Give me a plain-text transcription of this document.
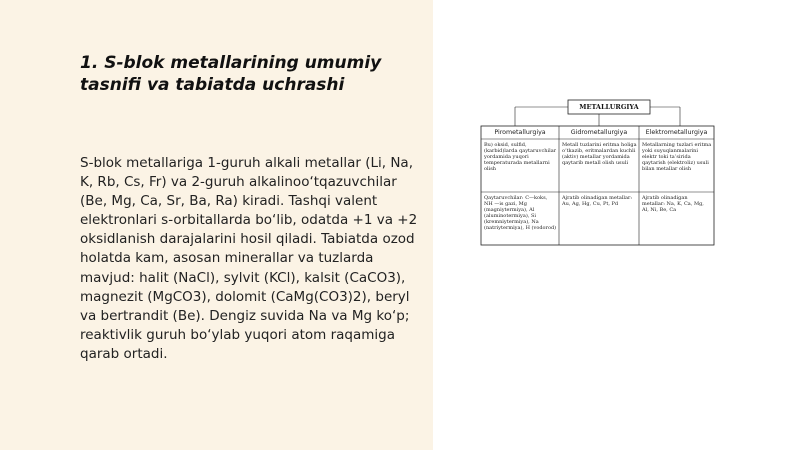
1. S-blok metallarining umumiy tasnifi va tabiatda uchrashi

S-blok metallariga 1-guruh alkali metallar (Li, Na, K, Rb, Cs, Fr) va 2-guruh alkalinoo‘tqazuvchilar (Be, Mg, Ca, Sr, Ba, Ra) kiradi. Tashqi valent elektronlari s-orbitallarda bo‘lib, odatda +1 va +2 oksidlanish darajalarini hosil qiladi. Tabiatda ozod holatda kam, asosan minerallar va tuzlarda mavjud: halit (NaCl), sylvit (KCl), kalsit (CaCO3), magnezit (MgCO3), dolomit (CaMg(CO3)2), beryl va bertrandit (Be). Dengiz suvida Na va Mg ko‘p; reaktivlik guruh bo‘ylab yuqori atom raqamiga qarab ortadi.

METALLURGIYA
Pirometallurgiya	Gidrometallurgiya	Elektrometallurgiya
Bu) oksid, sulfid, (karbid)larda qaytaruvchilar yordamida yuqori temperaturada metallarni olish
Metall tuzlarini eritma holiga o‘tkazib, eritmalardan kuchli (aktiv) metallar yordamida qaytarib metall olish usuli
Metallarning tuzlari eritma yoki suyuqlanmalarini elektr toki ta’sirida qaytarish (elektroliz) usuli bilan metallar olish
Qaytaruvchilar: C—koks, NH —is gazi, Mg (magniytermiya), Al (aluminotermiya), Si (kremniytermiya), Na (natriytermiya), H (vodorod)
Ajratib olinadigan metallar: Au, Ag, Hg, Cu, Pt, Pd
Ajratib olinadigan metallar: Na, K, Ca, Mg, Al, Ni, Be, Ca
